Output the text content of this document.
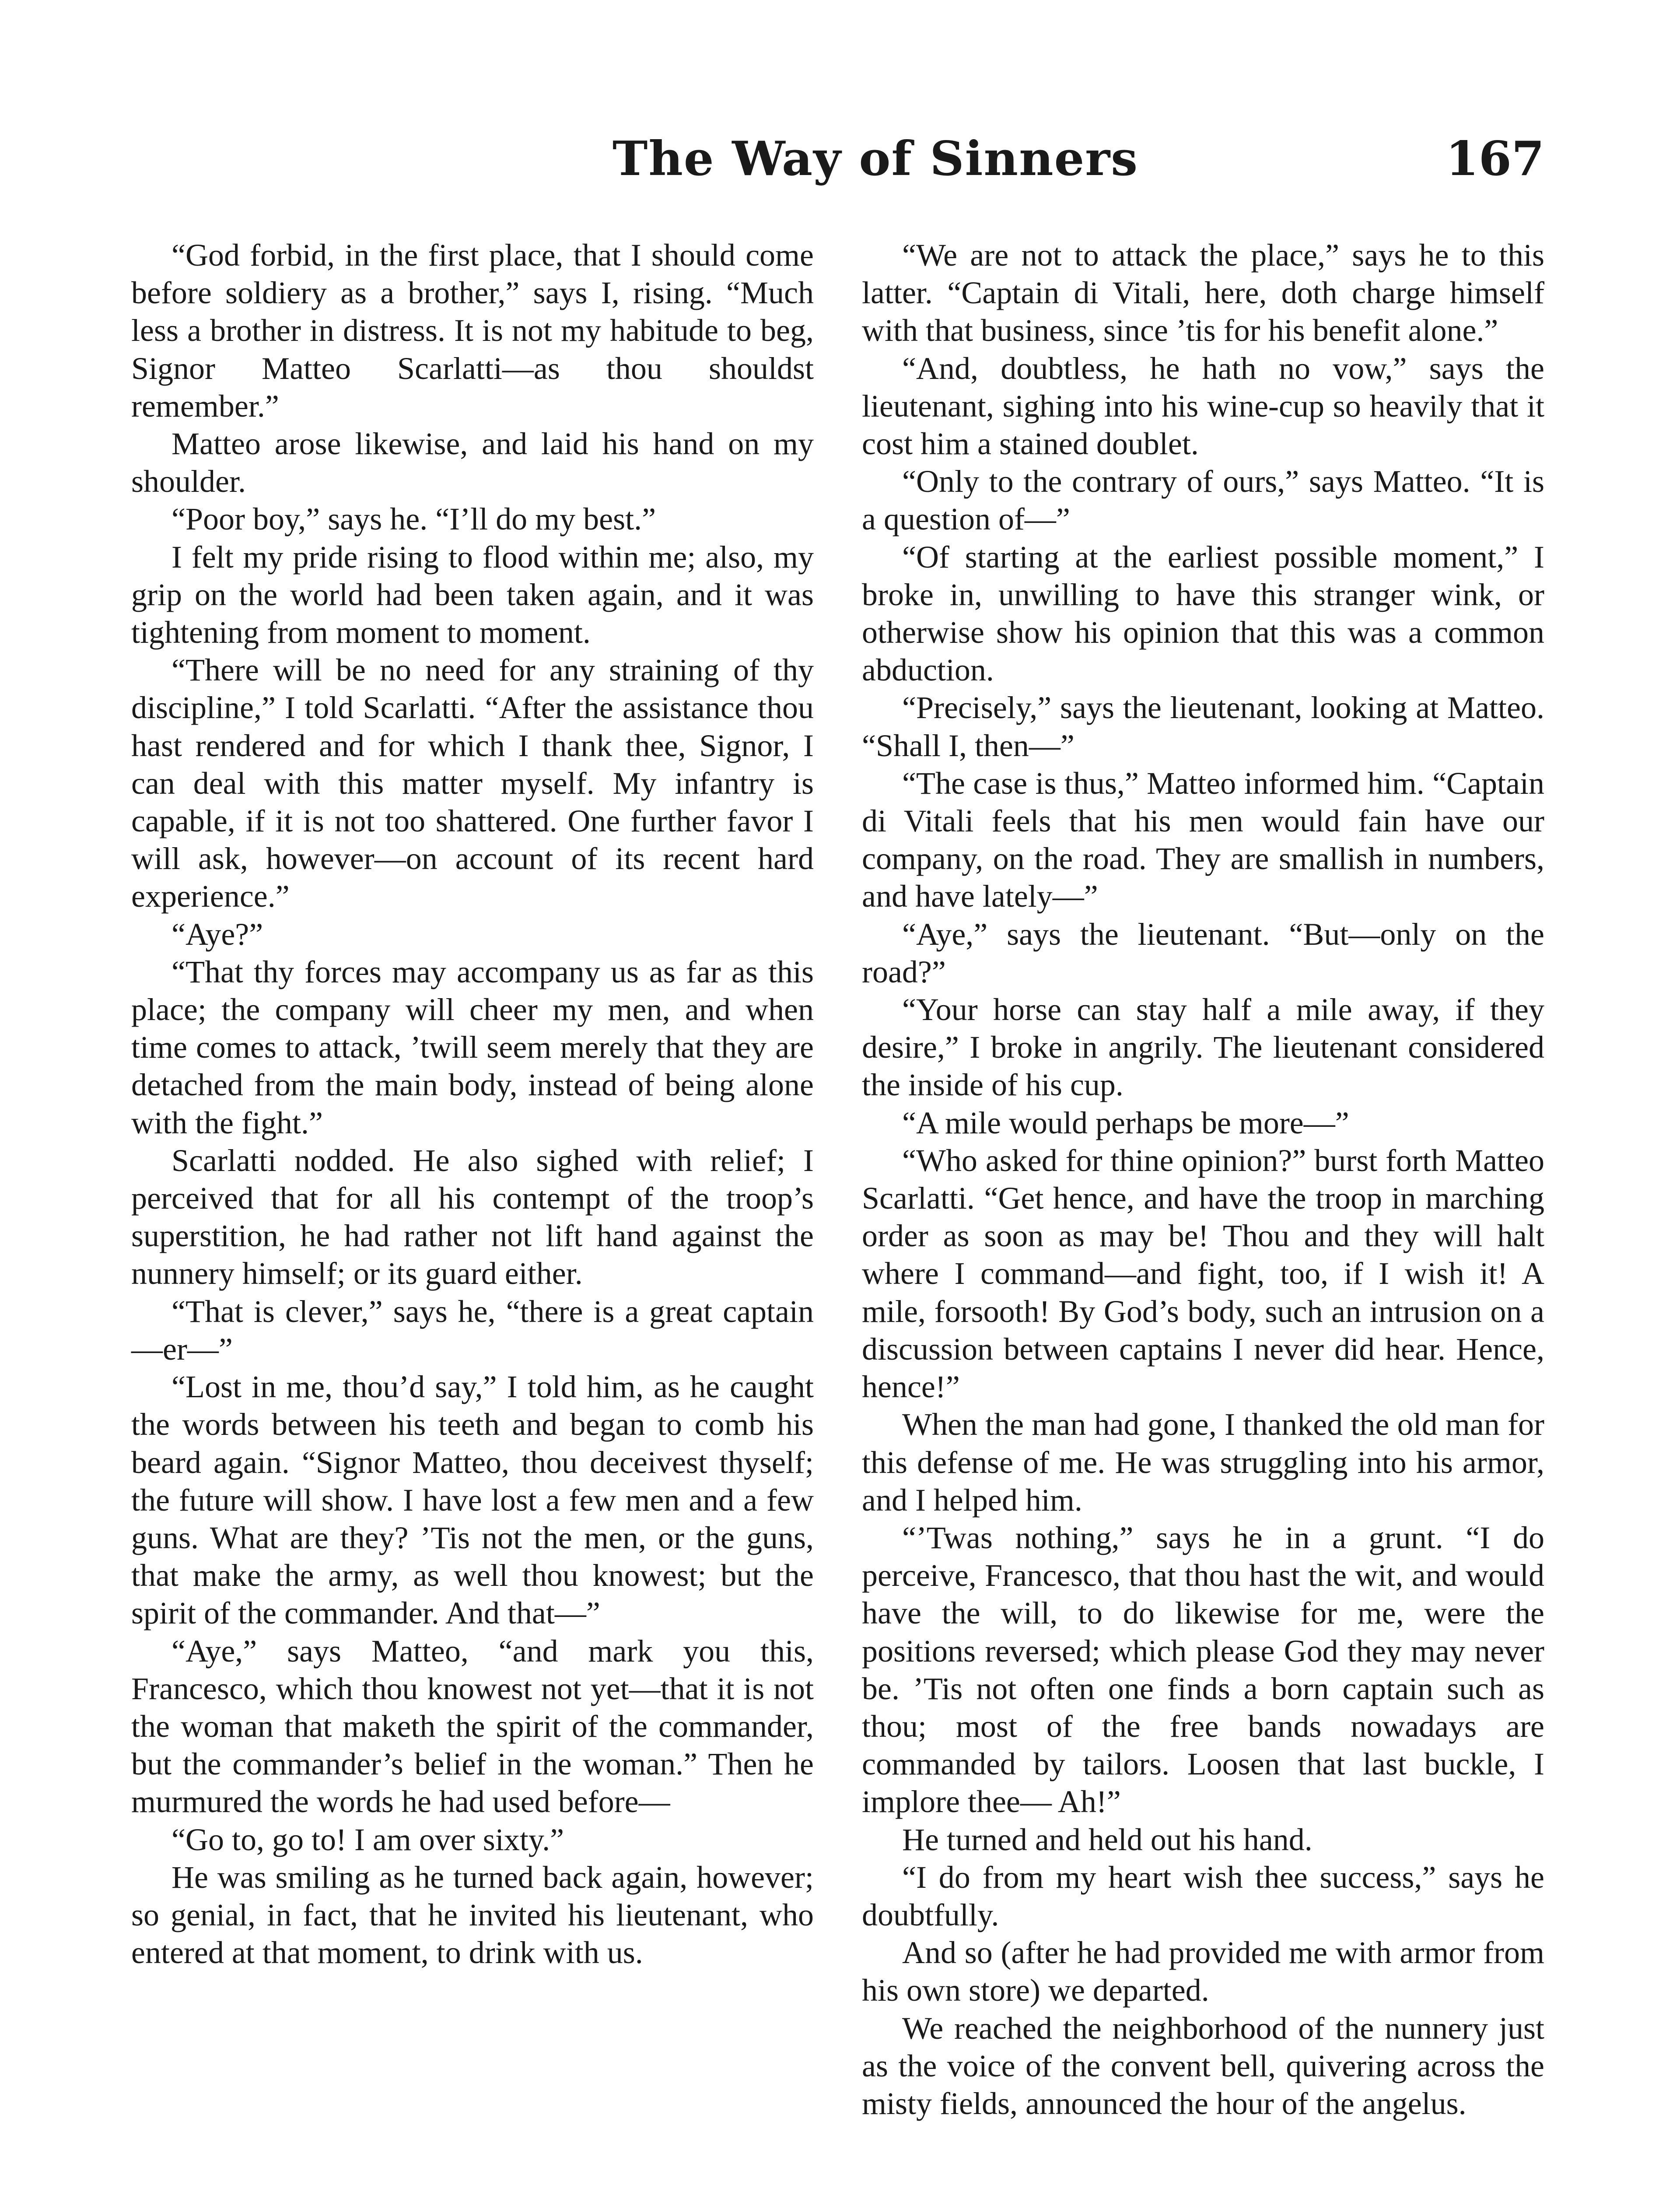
The Way of Sinners	167

“God forbid, in the first place, that I should come before soldiery as a brother,” says I, rising. “Much less a brother in distress. It is not my habitude to beg, Signor Matteo Scarlatti—as thou shouldst remember.”

Matteo arose likewise, and laid his hand on my shoulder.

“Poor boy,” says he. “I’ll do my best.”

I felt my pride rising to flood within me; also, my grip on the world had been taken again, and it was tightening from moment to moment.

“There will be no need for any straining of thy discipline,” I told Scarlatti. “After the assistance thou hast rendered and for which I thank thee, Signor, I can deal with this matter myself. My infantry is capable, if it is not too shattered. One further favor I will ask, however—on account of its recent hard experience.”

“Aye?”

“That thy forces may accompany us as far as this place; the company will cheer my men, and when time comes to attack, ’twill seem merely that they are detached from the main body, instead of being alone with the fight.”

Scarlatti nodded. He also sighed with relief; I perceived that for all his contempt of the troop’s superstition, he had rather not lift hand against the nunnery himself; or its guard either.

“That is clever,” says he, “there is a great captain—er—”

“Lost in me, thou’d say,” I told him, as he caught the words between his teeth and began to comb his beard again. “Signor Matteo, thou deceivest thyself; the future will show. I have lost a few men and a few guns. What are they? ’Tis not the men, or the guns, that make the army, as well thou knowest; but the spirit of the commander. And that—”

“Aye,” says Matteo, “and mark you this, Francesco, which thou knowest not yet—that it is not the woman that maketh the spirit of the commander, but the commander’s belief in the woman.” Then he murmured the words he had used before—

“Go to, go to! I am over sixty.”

He was smiling as he turned back again, however; so genial, in fact, that he invited his lieutenant, who entered at that moment, to drink with us.

“We are not to attack the place,” says he to this latter. “Captain di Vitali, here, doth charge himself with that business, since ’tis for his benefit alone.”

“And, doubtless, he hath no vow,” says the lieutenant, sighing into his wine-cup so heavily that it cost him a stained doublet.

“Only to the contrary of ours,” says Matteo. “It is a question of—”

“Of starting at the earliest possible moment,” I broke in, unwilling to have this stranger wink, or otherwise show his opinion that this was a common abduction.

“Precisely,” says the lieutenant, looking at Matteo. “Shall I, then—”

“The case is thus,” Matteo informed him. “Captain di Vitali feels that his men would fain have our company, on the road. They are smallish in numbers, and have lately—”

“Aye,” says the lieutenant. “But—only on the road?”

“Your horse can stay half a mile away, if they desire,” I broke in angrily. The lieutenant considered the inside of his cup.

“A mile would perhaps be more—”

“Who asked for thine opinion?” burst forth Matteo Scarlatti. “Get hence, and have the troop in marching order as soon as may be! Thou and they will halt where I command—and fight, too, if I wish it! A mile, forsooth! By God’s body, such an intrusion on a discussion between captains I never did hear. Hence, hence!”

When the man had gone, I thanked the old man for this defense of me. He was struggling into his armor, and I helped him.

“’Twas nothing,” says he in a grunt. “I do perceive, Francesco, that thou hast the wit, and would have the will, to do likewise for me, were the positions reversed; which please God they may never be. ’Tis not often one finds a born captain such as thou; most of the free bands nowadays are commanded by tailors. Loosen that last buckle, I implore thee— Ah!”

He turned and held out his hand.

“I do from my heart wish thee success,” says he doubtfully.

And so (after he had provided me with armor from his own store) we departed.

We reached the neighborhood of the nunnery just as the voice of the convent bell, quivering across the misty fields, announced the hour of the angelus.
